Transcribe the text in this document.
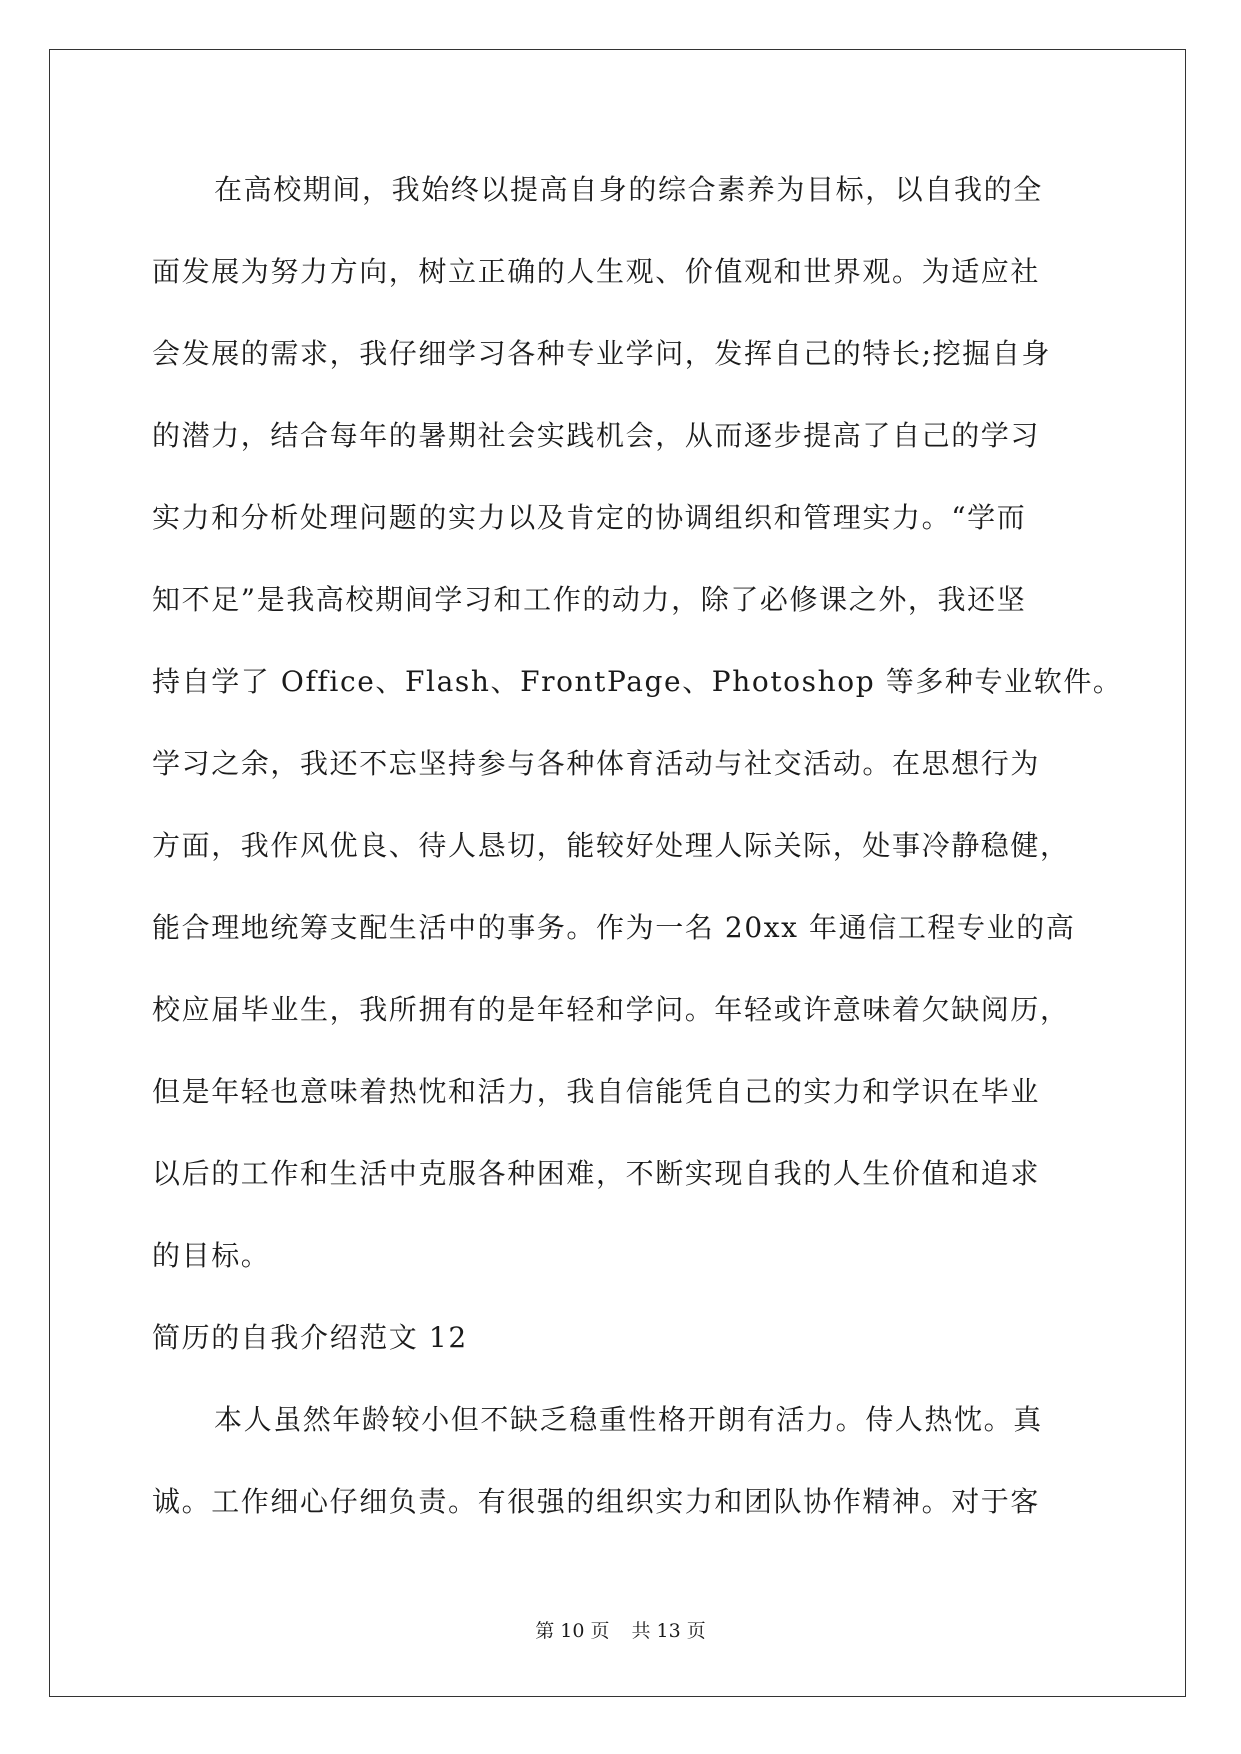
在高校期间，我始终以提高自身的综合素养为目标，以自我的全
面发展为努力方向，树立正确的人生观、价值观和世界观。为适应社
会发展的需求，我仔细学习各种专业学问，发挥自己的特长;挖掘自身
的潜力，结合每年的暑期社会实践机会，从而逐步提高了自己的学习
实力和分析处理问题的实力以及肯定的协调组织和管理实力。“学而
知不足”是我高校期间学习和工作的动力，除了必修课之外，我还坚
持自学了 Office、Flash、FrontPage、Photoshop 等多种专业软件。
学习之余，我还不忘坚持参与各种体育活动与社交活动。在思想行为
方面，我作风优良、待人恳切，能较好处理人际关际，处事冷静稳健，
能合理地统筹支配生活中的事务。作为一名 20xx 年通信工程专业的高
校应届毕业生，我所拥有的是年轻和学问。年轻或许意味着欠缺阅历，
但是年轻也意味着热忱和活力，我自信能凭自己的实力和学识在毕业
以后的工作和生活中克服各种困难，不断实现自我的人生价值和追求
的目标。
简历的自我介绍范文 12
本人虽然年龄较小但不缺乏稳重性格开朗有活力。侍人热忱。真
诚。工作细心仔细负责。有很强的组织实力和团队协作精神。对于客
第 10 页 共 13 页
